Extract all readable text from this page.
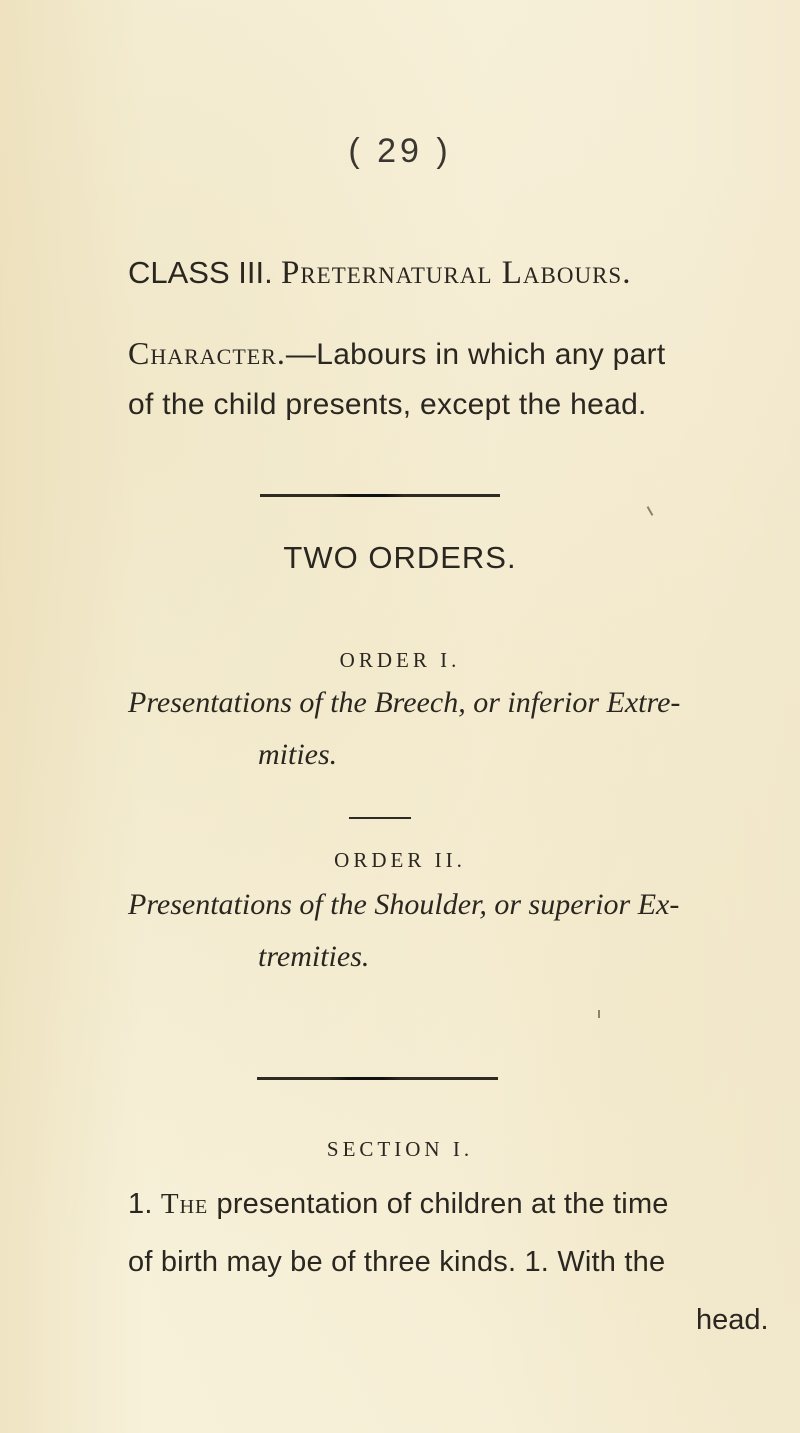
( 29 )
CLASS III. Preternatural Labours.
Character.—Labours in which any part
of the child presents, except the head.
TWO ORDERS.
ORDER I.
Presentations of the Breech, or inferior Extre-
mities.
ORDER II.
Presentations of the Shoulder, or superior Ex-
tremities.
SECTION I.
1. The presentation of children at the time
of birth may be of three kinds. 1. With the
head.
